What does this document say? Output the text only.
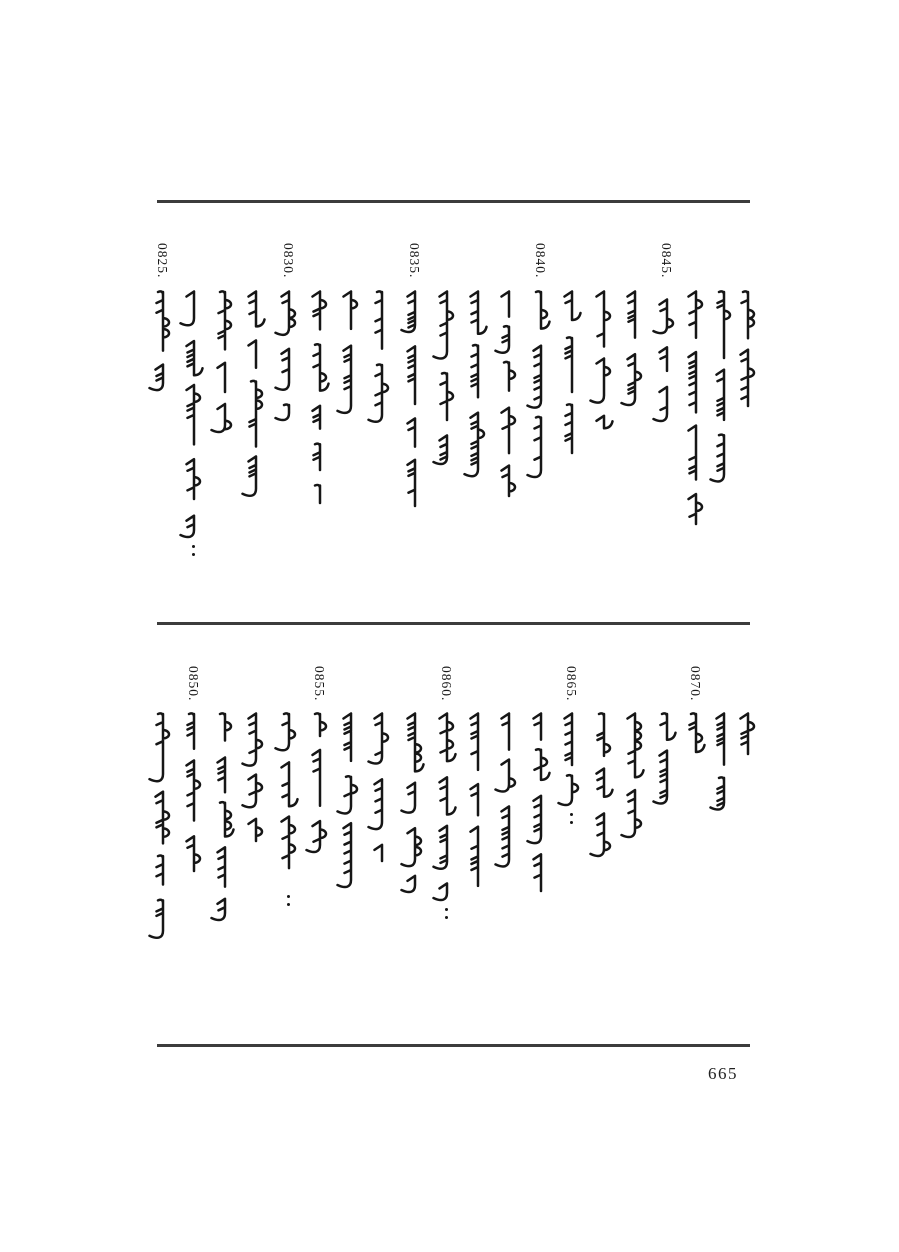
0825.	0830.	0835.	0840.	0845.
0850.	0855.	0860.	0865.	0870.
665
